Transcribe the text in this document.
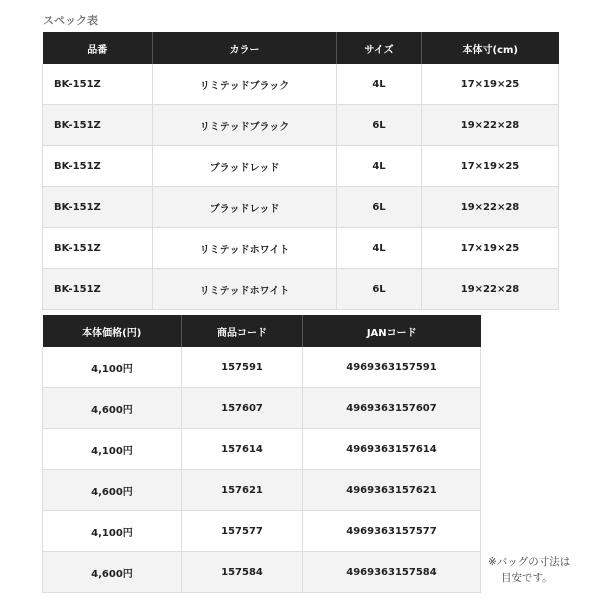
スペック表
品番	カラー	サイズ	本体寸(cm)
BK-151Z	リミテッドブラック	4L	17×19×25
BK-151Z	リミテッドブラック	6L	19×22×28
BK-151Z	ブラッドレッド	4L	17×19×25
BK-151Z	ブラッドレッド	6L	19×22×28
BK-151Z	リミテッドホワイト	4L	17×19×25
BK-151Z	リミテッドホワイト	6L	19×22×28
本体価格(円)	商品コード	JANコード
4,100円	157591	4969363157591
4,600円	157607	4969363157607
4,100円	157614	4969363157614
4,600円	157621	4969363157621
4,100円	157577	4969363157577
4,600円	157584	4969363157584
※バッグの寸法は
目安です。
